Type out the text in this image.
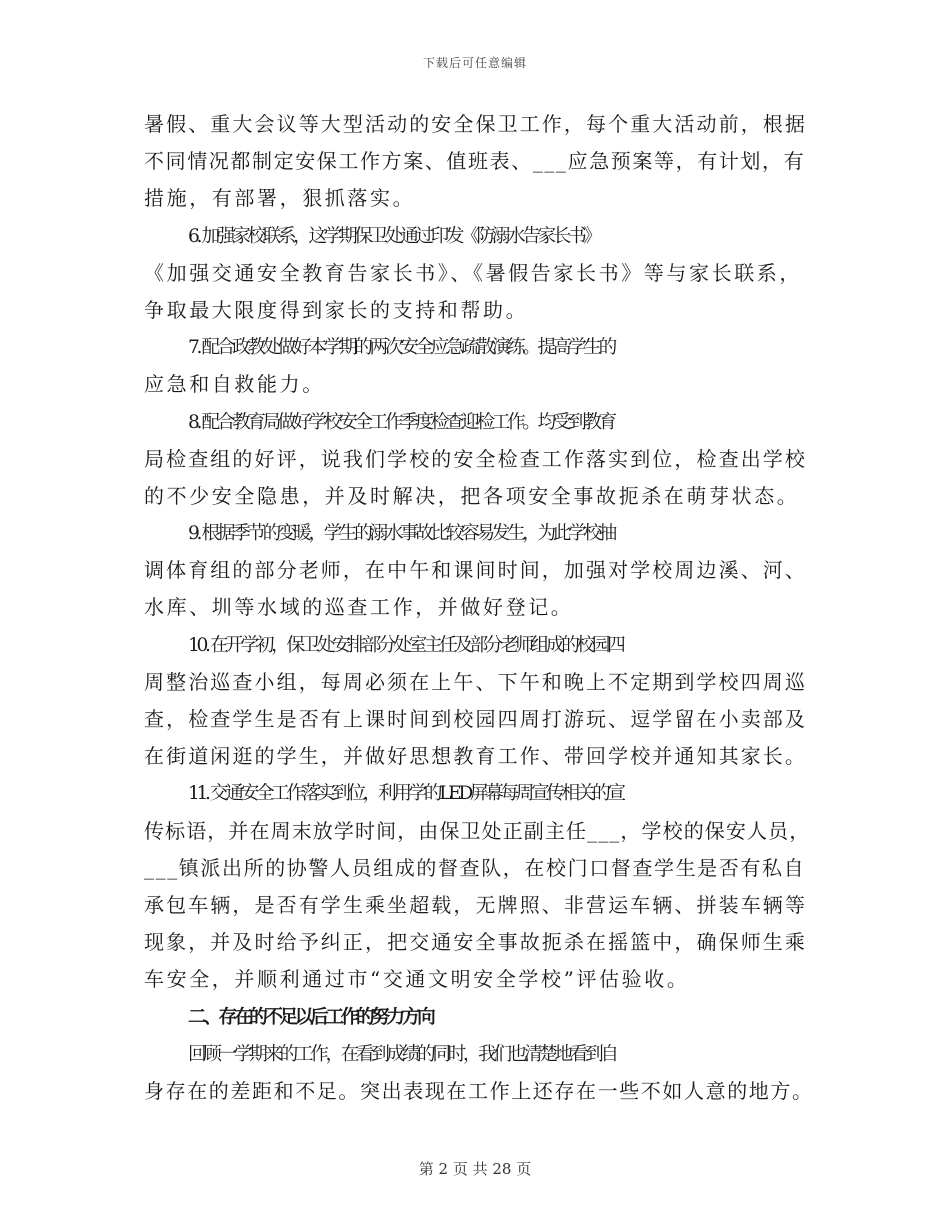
下载后可任意编辑
暑假、重大会议等大型活动的安全保卫工作，每个重大活动前，根据
不同情况都制定安保工作方案、值班表、___应急预案等，有计划，有
措施，有部署，狠抓落实。
6. 加强家校联系，这学期保卫处通过印发《防溺水告家长书》
《加强交通安全教育告家长书》、《暑假告家长书》等与家长联系，
争取最大限度得到家长的支持和帮助。
7. 配合政教处做好本学期的两次安全应急疏散演练。提高学生的
应急和自救能力。
8. 配合教育局做好学校安全工作季度检查迎检工作。均受到教育
局检查组的好评，说我们学校的安全检查工作落实到位，检查出学校
的不少安全隐患，并及时解决，把各项安全事故扼杀在萌芽状态。
9. 根据季节的变暖，学生的溺水事故比较容易发生，为此学校抽
调体育组的部分老师，在中午和课间时间，加强对学校周边溪、河、
水库、圳等水域的巡查工作，并做好登记。
10. 在开学初，保卫处安排部分处室主任及部分老师组成的校园四
周整治巡查小组，每周必须在上午、下午和晚上不定期到学校四周巡
查，检查学生是否有上课时间到校园四周打游玩、逗学留在小卖部及
在街道闲逛的学生，并做好思想教育工作、带回学校并通知其家长。
11. 交通安全工作落实到位，利用学的LED屏幕每周宣传相关的宣
传标语，并在周末放学时间，由保卫处正副主任___，学校的保安人员，
___镇派出所的协警人员组成的督查队，在校门口督查学生是否有私自
承包车辆，是否有学生乘坐超载，无牌照、非营运车辆、拼装车辆等
现象，并及时给予纠正，把交通安全事故扼杀在摇篮中，确保师生乘
车安全，并顺利通过市“交通文明安全学校”评估验收。
二、存在的不足以后工作的努力方向
回顾一学期来的工作，在看到成绩的同时，我们也清楚地看到自
身存在的差距和不足。突出表现在工作上还存在一些不如人意的地方。
第 2 页 共 28 页
